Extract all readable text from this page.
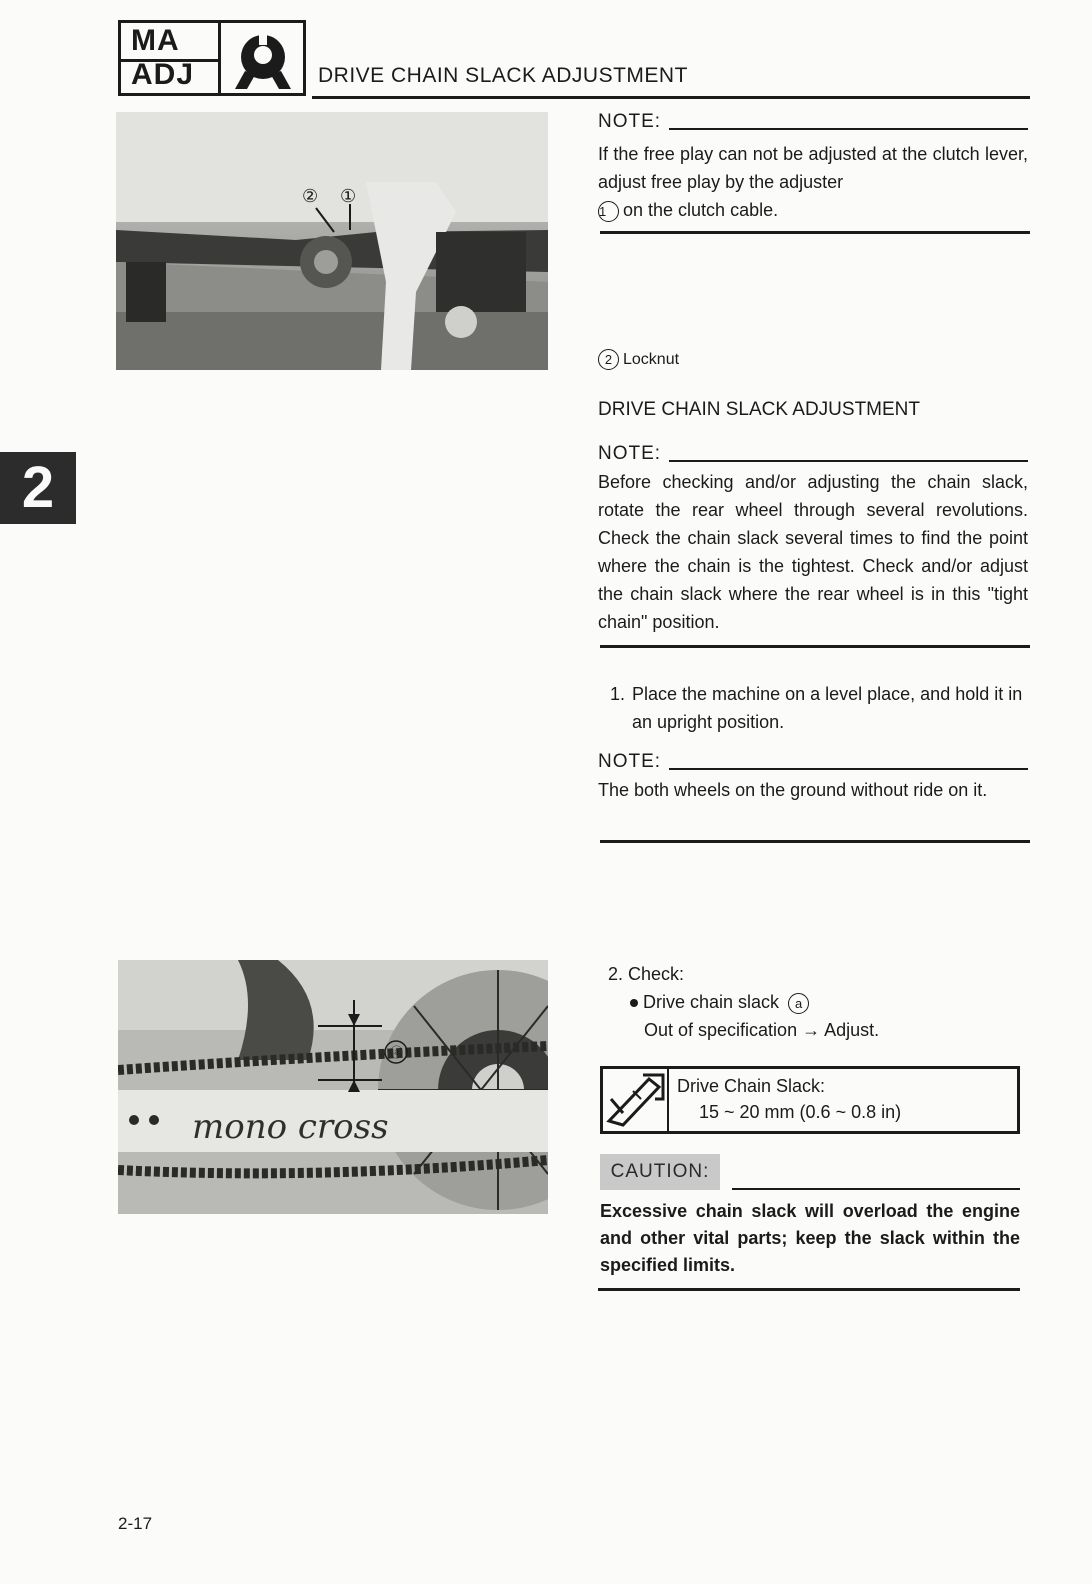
MA
ADJ	DRIVE CHAIN SLACK ADJUSTMENT
2
② ①
mono cross
ⓐ
NOTE:
If the free play can not be adjusted at the clutch lever, adjust free play by the adjuster
1 on the clutch cable.
2 Locknut
DRIVE CHAIN SLACK ADJUSTMENT
NOTE:
Before checking and/or adjusting the chain slack, rotate the rear wheel through several revolutions. Check the chain slack several times to find the point where the chain is the tightest. Check and/or adjust the chain slack where the rear wheel is in this "tight chain" position.
1. Place the machine on a level place, and hold it in an upright position.
NOTE:
The both wheels on the ground without ride on it.
2. Check:
Drive chain slack a
Out of specification → Adjust.
Drive Chain Slack:
15 ~ 20 mm (0.6 ~ 0.8 in)
CAUTION:
Excessive chain slack will overload the engine and other vital parts; keep the slack within the specified limits.
2-17
